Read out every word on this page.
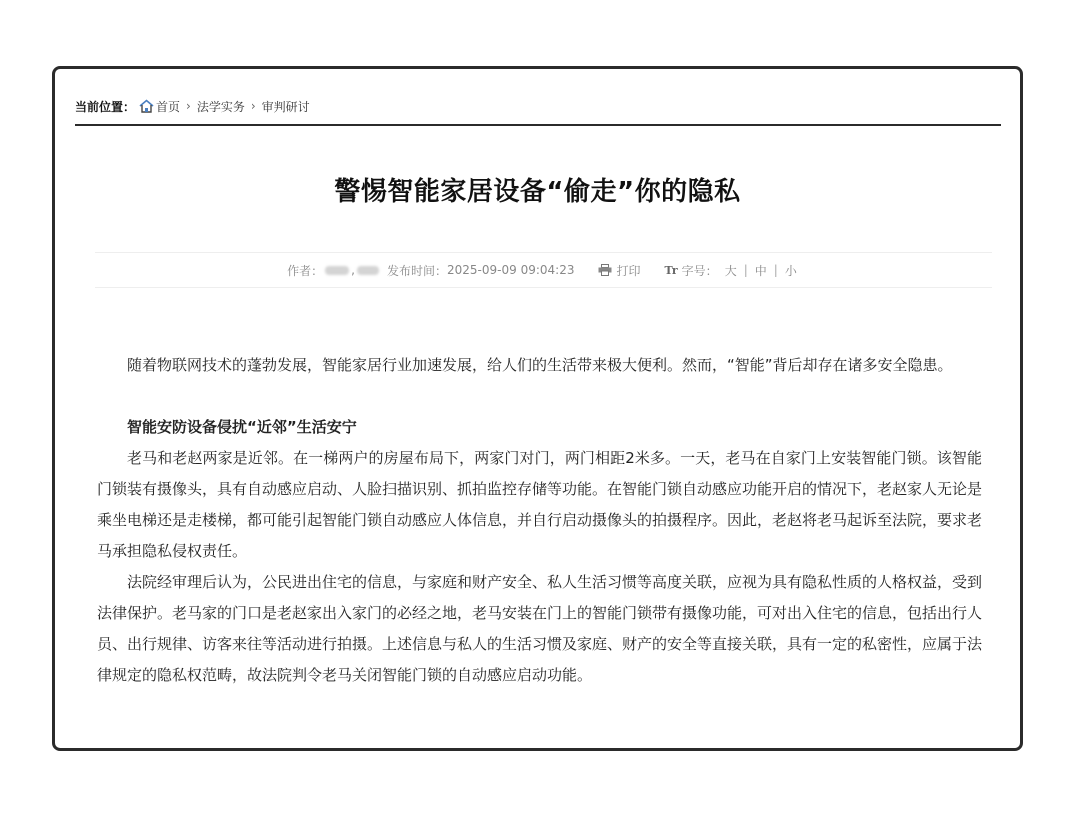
当前位置： 首页 › 法学实务 › 审判研讨
警惕智能家居设备“偷走”你的隐私
作者： ,	发布时间： 2025-09-09 09:04:23	打印 Tr 字号： 大 | 中 | 小

随着物联网技术的蓬勃发展，智能家居行业加速发展，给人们的生活带来极大便利。然而，“智能”背后却存在诸多安全隐患。

智能安防设备侵扰“近邻”生活安宁

老马和老赵两家是近邻。在一梯两户的房屋布局下，两家门对门，两门相距2米多。一天，老马在自家门上安装智能门锁。该智能门锁装有摄像头，具有自动感应启动、人脸扫描识别、抓拍监控存储等功能。在智能门锁自动感应功能开启的情况下，老赵家人无论是乘坐电梯还是走楼梯，都可能引起智能门锁自动感应人体信息，并自行启动摄像头的拍摄程序。因此，老赵将老马起诉至法院，要求老马承担隐私侵权责任。

法院经审理后认为，公民进出住宅的信息，与家庭和财产安全、私人生活习惯等高度关联，应视为具有隐私性质的人格权益，受到法律保护。老马家的门口是老赵家出入家门的必经之地，老马安装在门上的智能门锁带有摄像功能，可对出入住宅的信息，包括出行人员、出行规律、访客来往等活动进行拍摄。上述信息与私人的生活习惯及家庭、财产的安全等直接关联，具有一定的私密性，应属于法律规定的隐私权范畴，故法院判令老马关闭智能门锁的自动感应启动功能。
